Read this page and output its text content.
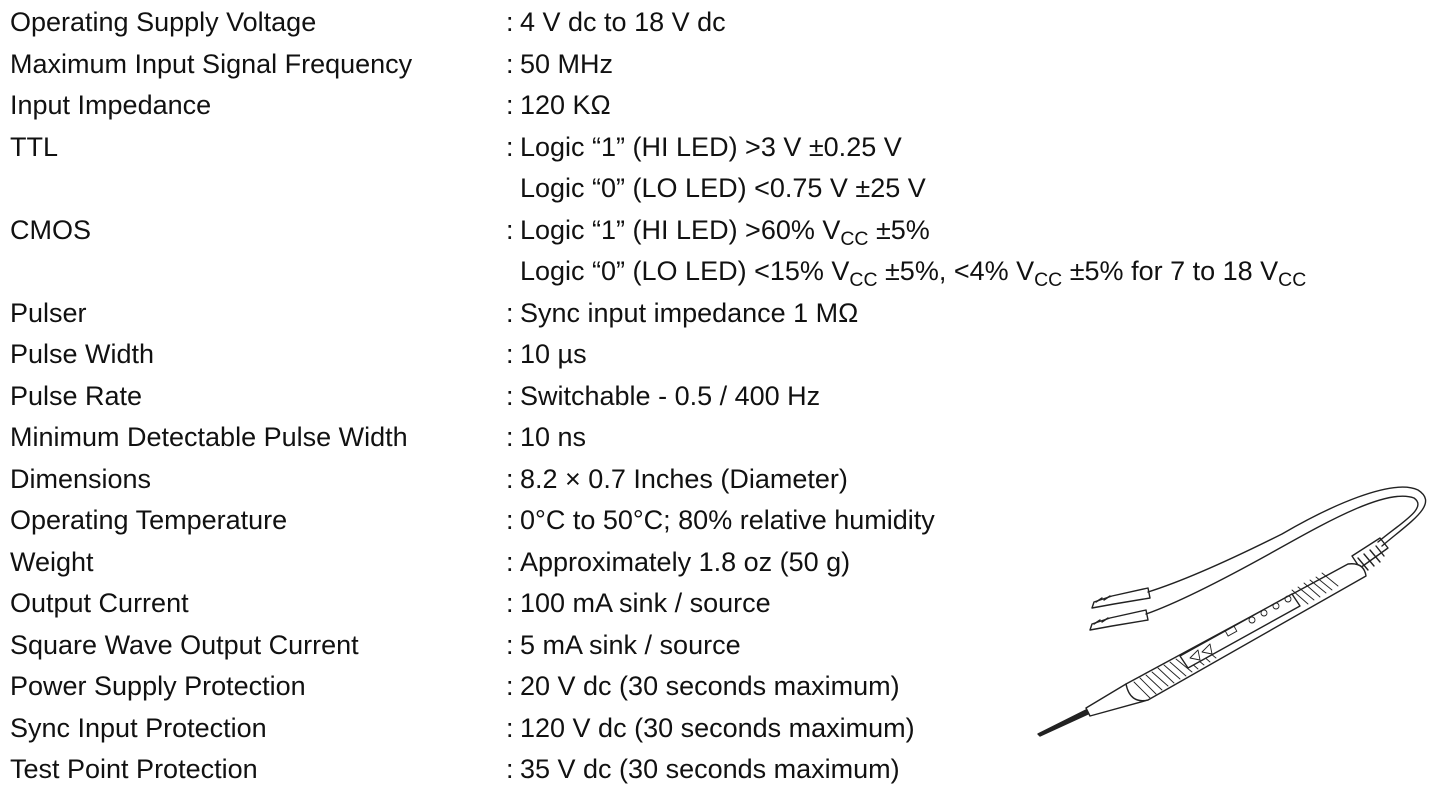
Operating Supply Voltage	: 4 V dc to 18 V dc
Maximum Input Signal Frequency	: 50 MHz
Input Impedance	: 120 KΩ
TTL	: Logic “1” (HI LED) >3 V ±0.25 V
Logic “0” (LO LED) <0.75 V ±25 V
CMOS	: Logic “1” (HI LED) >60% $V_{CC} \pm 5\%$
Logic “0” (LO LED) <15% $V_{CC} \pm 5\%$, <4% $V_{CC} \pm 5\%$ for 7 to 18 $V_{CC}$
Pulser	: Sync input impedance 1 MΩ
Pulse Width	: 10 µs
Pulse Rate	: Switchable - 0.5 / 400 Hz
Minimum Detectable Pulse Width	: 10 ns
Dimensions	: 8.2 × 0.7 Inches (Diameter)
Operating Temperature	: 0°C to 50°C; 80% relative humidity
Weight	: Approximately 1.8 oz (50 g)
Output Current	: 100 mA sink / source
Square Wave Output Current	: 5 mA sink / source
Power Supply Protection	: 20 V dc (30 seconds maximum)
Sync Input Protection	: 120 V dc (30 seconds maximum)
Test Point Protection	: 35 V dc (30 seconds maximum)
